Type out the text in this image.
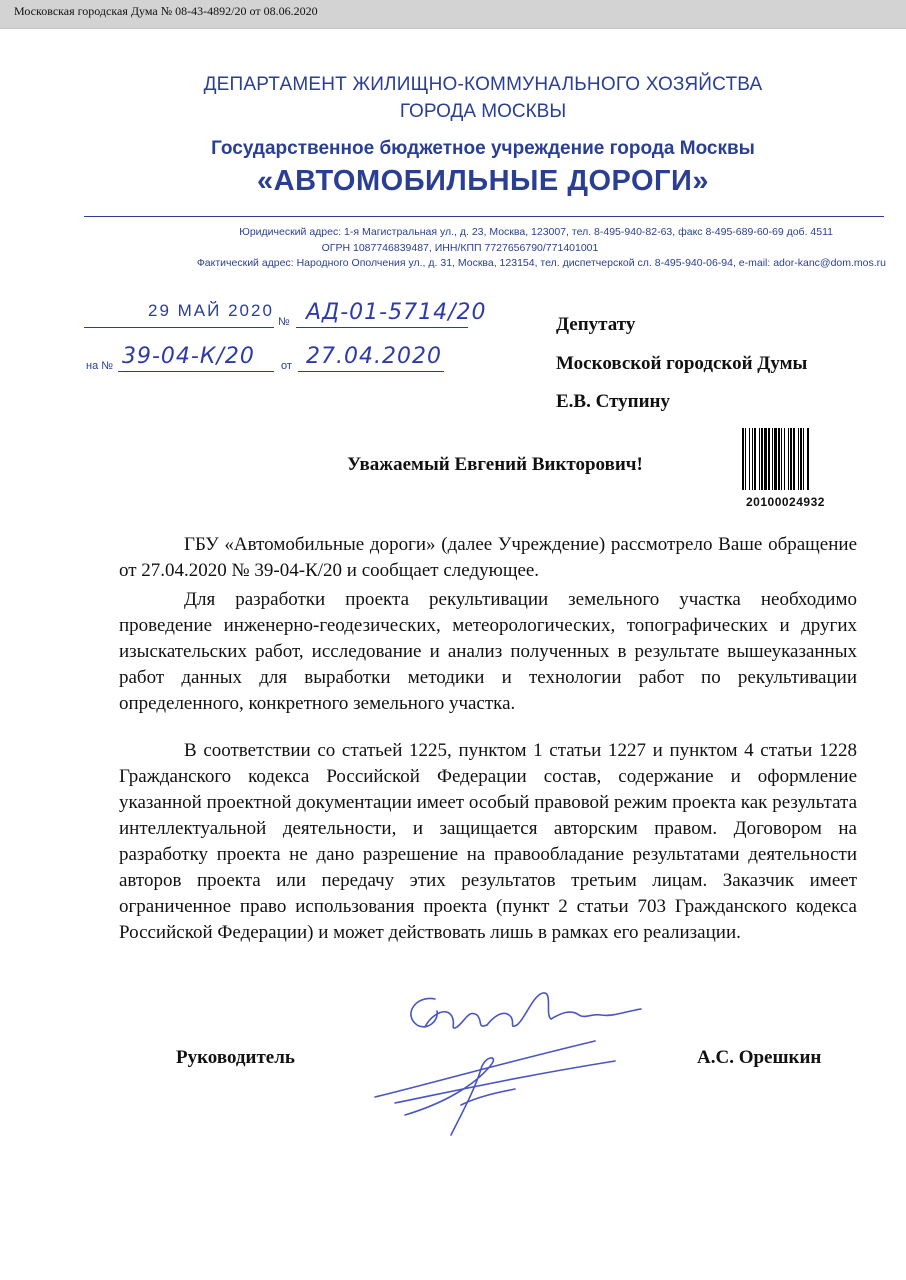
Московская городская Дума № 08-43-4892/20 от 08.06.2020
ДЕПАРТАМЕНТ ЖИЛИЩНО-КОММУНАЛЬНОГО ХОЗЯЙСТВА
ГОРОДА МОСКВЫ
Государственное бюджетное учреждение города Москвы
«АВТОМОБИЛЬНЫЕ ДОРОГИ»
Юридический адрес: 1-я Магистральная ул., д. 23, Москва, 123007, тел. 8-495-940-82-63, факс 8-495-689-60-69 доб. 4511
ОГРН 1087746839487, ИНН/КПП 7727656790/771401001
Фактический адрес: Народного Ополчения ул., д. 31, Москва, 123154, тел. диспетчерской сл. 8-495-940-06-94, e-mail: ador-kanc@dom.mos.ru
29 МАЙ 2020
№ АД-01-5714/20
на № 39-04-К/20 от 27.04.2020
Депутату
Московской городской Думы
Е.В. Ступину
20100024932
Уважаемый Евгений Викторович!
ГБУ «Автомобильные дороги» (далее Учреждение) рассмотрело Ваше обращение от 27.04.2020 № 39-04-К/20 и сообщает следующее.
Для разработки проекта рекультивации земельного участка необходимо проведение инженерно-геодезических, метеорологических, топографических и других изыскательских работ, исследование и анализ полученных в результате вышеуказанных работ данных для выработки методики и технологии работ по рекультивации определенного, конкретного земельного участка.
В соответствии со статьей 1225, пунктом 1 статьи 1227 и пунктом 4 статьи 1228 Гражданского кодекса Российской Федерации состав, содержание и оформление указанной проектной документации имеет особый правовой режим проекта как результата интеллектуальной деятельности, и защищается авторским правом. Договором на разработку проекта не дано разрешение на правообладание результатами деятельности авторов проекта или передачу этих результатов третьим лицам. Заказчик имеет ограниченное право использования проекта (пункт 2 статьи 703 Гражданского кодекса Российской Федерации) и может действовать лишь в рамках его реализации.
Руководитель	А.С. Орешкин
